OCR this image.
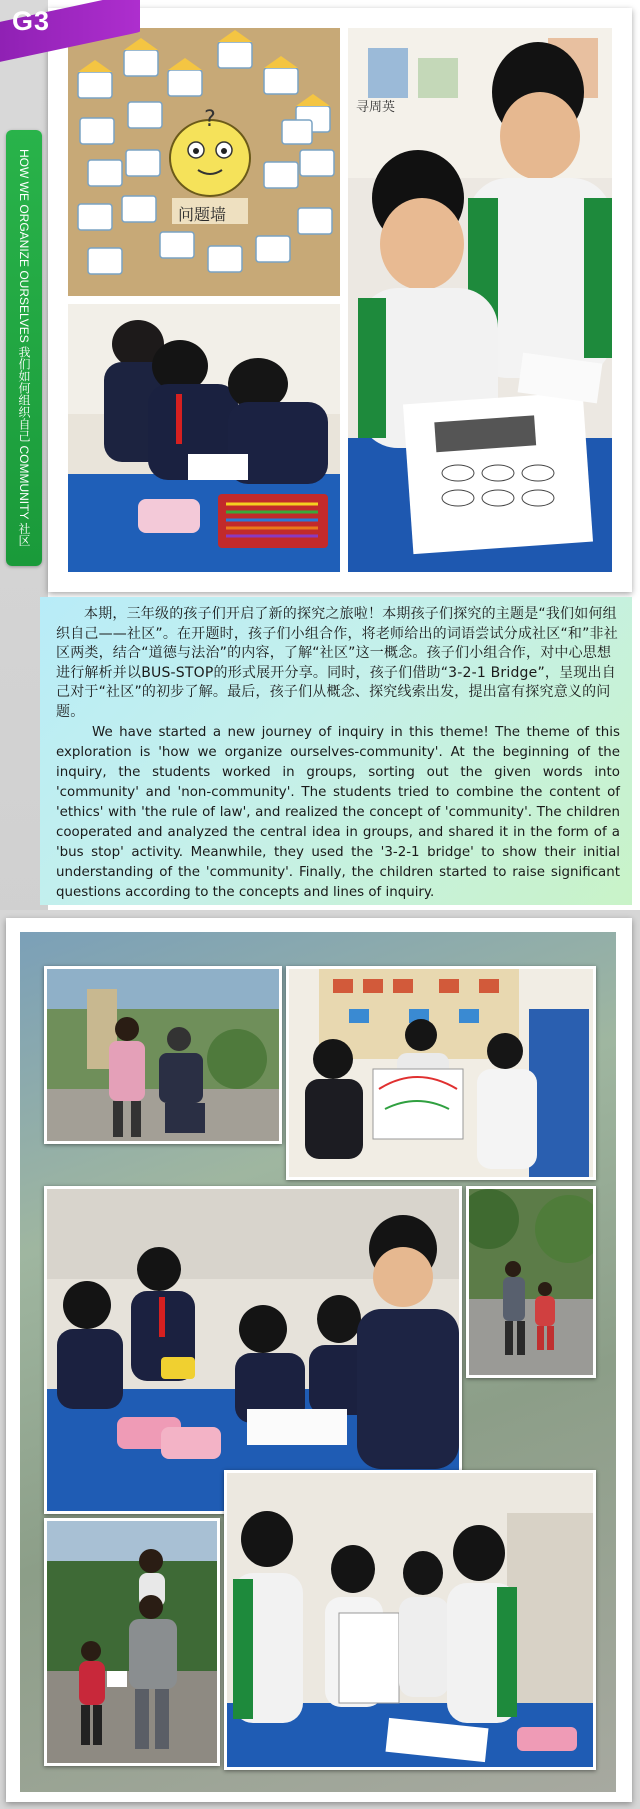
?
问题墙
寻周英
G3
HOW WE ORGANIZE OURSELVES 我们如何组织自己 COMMUNITY 社区

本期，三年级的孩子们开启了新的探究之旅啦！本期孩子们探究的主题是“我们如何组织自己——社区”。在开题时，孩子们小组合作，将老师给出的词语尝试分成社区“和”非社区两类，结合“道德与法治”的内容，了解“社区”这一概念。孩子们小组合作，对中心思想进行解析并以BUS-STOP的形式展开分享。同时，孩子们借助“3-2-1 Bridge”，呈现出自己对于“社区”的初步了解。最后，孩子们从概念、探究线索出发，提出富有探究意义的问题。

We have started a new journey of inquiry in this theme! The theme of this exploration is 'how we organize ourselves-community'. At the beginning of the inquiry, the students worked in groups, sorting out the given words into 'community' and 'non-community'. The students tried to combine the content of 'ethics' with 'the rule of law', and realized the concept of 'community'. The children cooperated and analyzed the central idea in groups, and shared it in the form of a 'bus stop' activity. Meanwhile, they used the '3-2-1 bridge' to show their initial understanding of the 'community'. Finally, the children started to raise significant questions according to the concepts and lines of inquiry.
